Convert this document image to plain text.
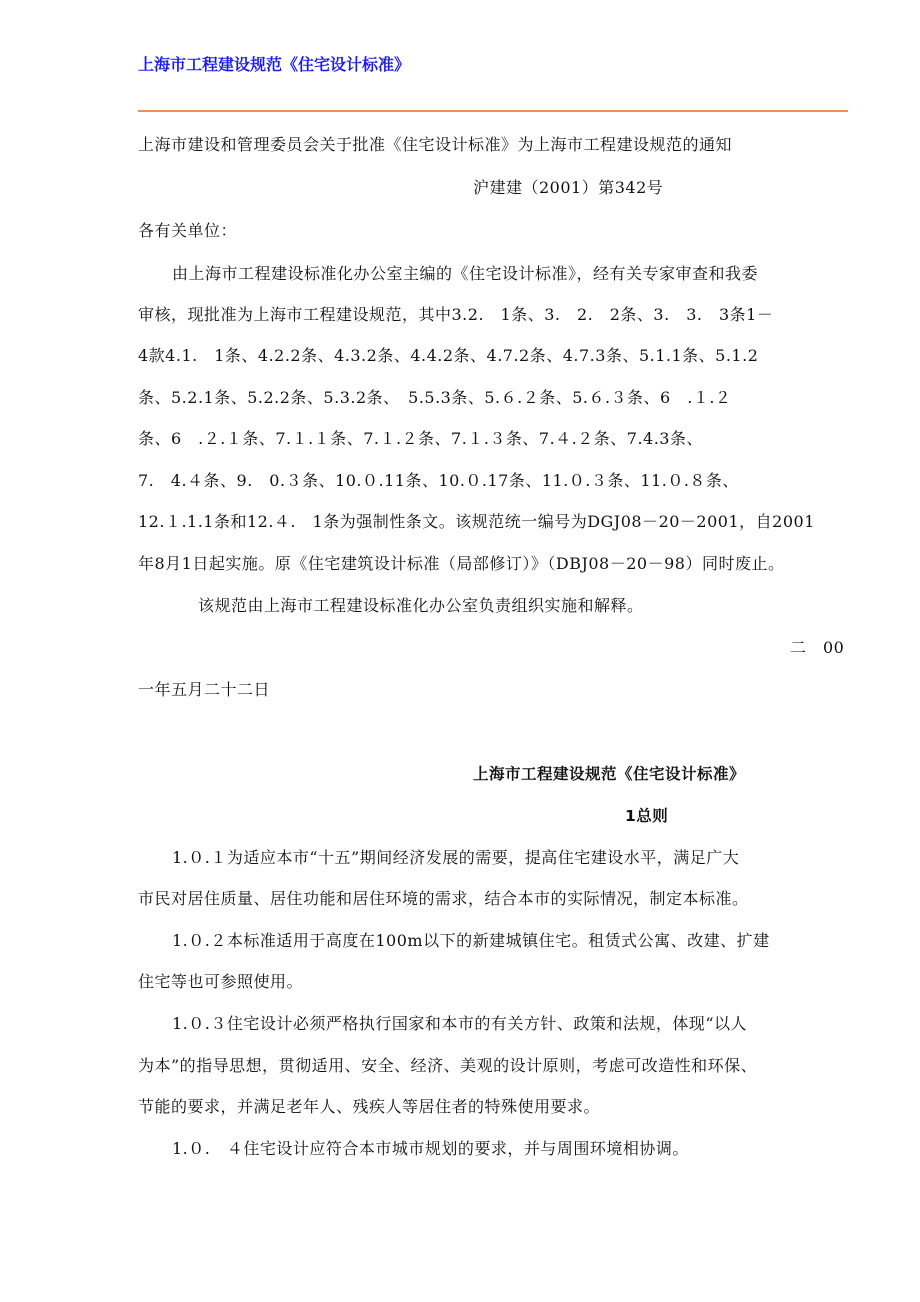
上海市工程建设规范《住宅设计标准》
上海市建设和管理委员会关于批准《住宅设计标准》为上海市工程建设规范的通知
沪建建（2001）第342号
各有关单位：
由上海市工程建设标准化办公室主编的《住宅设计标准》，经有关专家审查和我委
审核，现批准为上海市工程建设规范，其中3.2.　1条、3.　2.　2条、3.　3.　3条1－
4款4.1.　1条、4.2.2条、4.3.2条、4.4.2条、4.7.2条、4.7.3条、5.1.1条、5.1.2
条、5.2.1条、5.2.2条、5.3.2条、　5.5.3条、5.６.２条、5.６.３条、6　.１.２
条、6　.２.１条、7.１.１条、7.１.２条、7.１.３条、7.４.２条、7.4.3条、
7.　4.４条、9.　0.３条、10.０.11条、10.０.17条、11.０.３条、11.０.８条、
12.１.1.1条和12.４.　1条为强制性条文。该规范统一编号为DGJ08－20－2001，自2001
年8月1日起实施。原《住宅建筑设计标准（局部修订）》（DBJ08－20－98）同时废止。
该规范由上海市工程建设标准化办公室负责组织实施和解释。
二　00
一年五月二十二日
上海市工程建设规范《住宅设计标准》
1总则
1.０.１为适应本市“十五”期间经济发展的需要，提高住宅建设水平，满足广大
市民对居住质量、居住功能和居住环境的需求，结合本市的实际情况，制定本标准。
1.０.２本标准适用于高度在100m以下的新建城镇住宅。租赁式公寓、改建、扩建
住宅等也可参照使用。
1.０.３住宅设计必须严格执行国家和本市的有关方针、政策和法规，体现“以人
为本”的指导思想，贯彻适用、安全、经济、美观的设计原则，考虑可改造性和环保、
节能的要求，并满足老年人、残疾人等居住者的特殊使用要求。
1.０.　４住宅设计应符合本市城市规划的要求，并与周围环境相协调。
